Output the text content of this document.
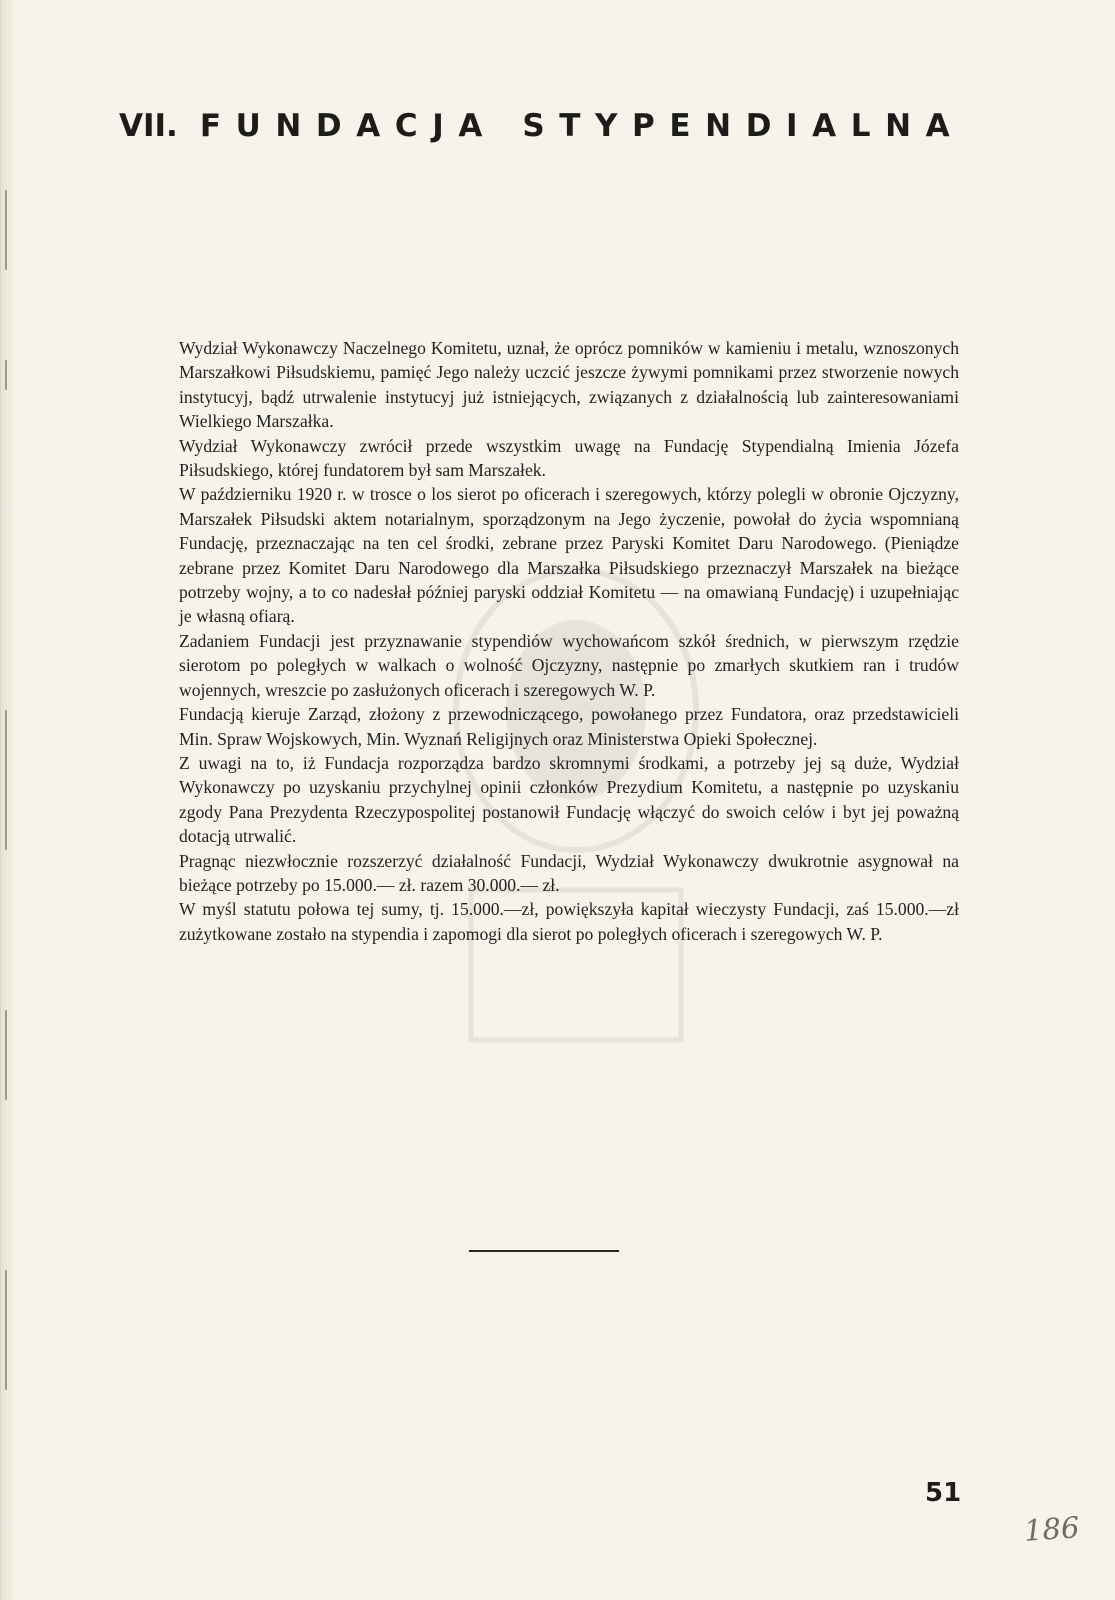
VII. FUNDACJA STYPENDIALNA

Wydział Wykonawczy Naczelnego Komitetu, uznał, że oprócz pomników w kamieniu i metalu, wznoszonych Marszałkowi Piłsudskiemu, pamięć Jego należy uczcić jeszcze żywymi pomnikami przez stworzenie nowych instytucyj, bądź utrwalenie instytucyj już istniejących, związanych z działalnością lub zainteresowaniami Wielkiego Marszałka.

Wydział Wykonawczy zwrócił przede wszystkim uwagę na Fundację Stypendialną Imienia Józefa Piłsudskiego, której fundatorem był sam Marszałek.

W październiku 1920 r. w trosce o los sierot po oficerach i szeregowych, którzy polegli w obronie Ojczyzny, Marszałek Piłsudski aktem notarialnym, sporządzonym na Jego życzenie, powołał do życia wspomnianą Fundację, przeznaczając na ten cel środki, zebrane przez Paryski Komitet Daru Narodowego. (Pieniądze zebrane przez Komitet Daru Narodowego dla Marszałka Piłsudskiego przeznaczył Marszałek na bieżące potrzeby wojny, a to co nadesłał później paryski oddział Komitetu — na omawianą Fundację) i uzupełniając je własną ofiarą.

Zadaniem Fundacji jest przyznawanie stypendiów wychowańcom szkół średnich, w pierwszym rzędzie sierotom po poległych w walkach o wolność Ojczyzny, następnie po zmarłych skutkiem ran i trudów wojennych, wreszcie po zasłużonych oficerach i szeregowych W. P.

Fundacją kieruje Zarząd, złożony z przewodniczącego, powołanego przez Fundatora, oraz przedstawicieli Min. Spraw Wojskowych, Min. Wyznań Religijnych oraz Ministerstwa Opieki Społecznej.

Z uwagi na to, iż Fundacja rozporządza bardzo skromnymi środkami, a potrzeby jej są duże, Wydział Wykonawczy po uzyskaniu przychylnej opinii członków Prezydium Komitetu, a następnie po uzyskaniu zgody Pana Prezydenta Rzeczypospolitej postanowił Fundację włączyć do swoich celów i byt jej poważną dotacją utrwalić.

Pragnąc niezwłocznie rozszerzyć działalność Fundacji, Wydział Wykonawczy dwukrotnie asygnował na bieżące potrzeby po 15.000.— zł. razem 30.000.— zł.

W myśl statutu połowa tej sumy, tj. 15.000.—zł, powiększyła kapitał wieczysty Fundacji, zaś 15.000.—zł zużytkowane zostało na stypendia i zapomogi dla sierot po poległych oficerach i szeregowych W. P.

51
186
